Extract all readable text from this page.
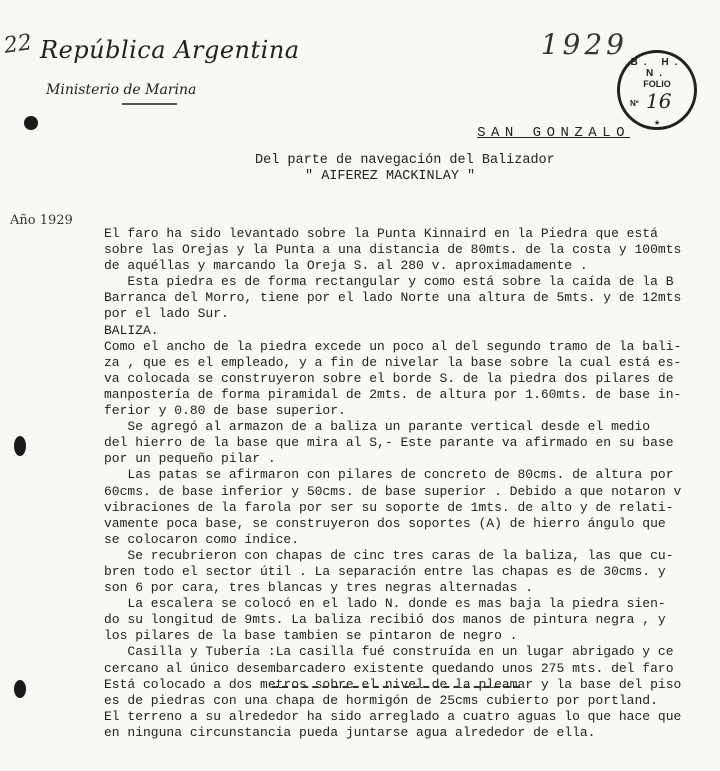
22 República Argentina
Ministerio de Marina
1929
B. H. N.
FOLIO
Nº 16
★
SAN GONZALO
Del parte de navegación del Balizador
" AIFEREZ MACKINLAY "
Año 1929
El faro ha sido levantado sobre la Punta Kinnaird en la Piedra que está
sobre las Orejas y la Punta a una distancia de 80mts. de la costa y 100mts
de aquéllas y marcando la Oreja S. al 280 v. aproximadamente .
Esta piedra es de forma rectangular y como está sobre la caída de la B
Barranca del Morro, tiene por el lado Norte una altura de 5mts. y de 12mts
por el lado Sur.
BALIZA.
Como el ancho de la piedra excede un poco al del segundo tramo de la bali-
za , que es el empleado, y a fin de nivelar la base sobre la cual está es-
va colocada se construyeron sobre el borde S. de la piedra dos pilares de
manpostería de forma piramidal de 2mts. de altura por 1.60mts. de base in-
ferior y 0.80 de base superior.
Se agregó al armazon de a baliza un parante vertical desde el medio
del hierro de la base que mira al S,- Este parante va afirmado en su base
por un pequeño pilar .
Las patas se afirmaron con pilares de concreto de 80cms. de altura por
60cms. de base inferior y 50cms. de base superior . Debido a que notaron v
vibraciones de la farola por ser su soporte de 1mts. de alto y de relati-
vamente poca base, se construyeron dos soportes (A) de hierro ángulo que
se colocaron como índice.
Se recubrieron con chapas de cinc tres caras de la baliza, las que cu-
bren todo el sector útil . La separación entre las chapas es de 30cms. y
son 6 por cara, tres blancas y tres negras alternadas .
La escalera se colocó en el lado N. donde es mas baja la piedra sien-
do su longitud de 9mts. La baliza recibió dos manos de pintura negra , y
los pilares de la base tambien se pintaron de negro .
Casilla y Tubería :La casilla fué construída en un lugar abrigado y ce
cercano al único desembarcadero existente quedando unos 275 mts. del faro
Está colocado a dos metros sobre el nivel de la pleamar y la base del piso
es de piedras con una chapa de hormigón de 25cms cubierto por portland.
El terreno a su alrededor ha sido arreglado a cuatro aguas lo que hace que
en ninguna circunstancia pueda juntarse agua alrededor de ella.
